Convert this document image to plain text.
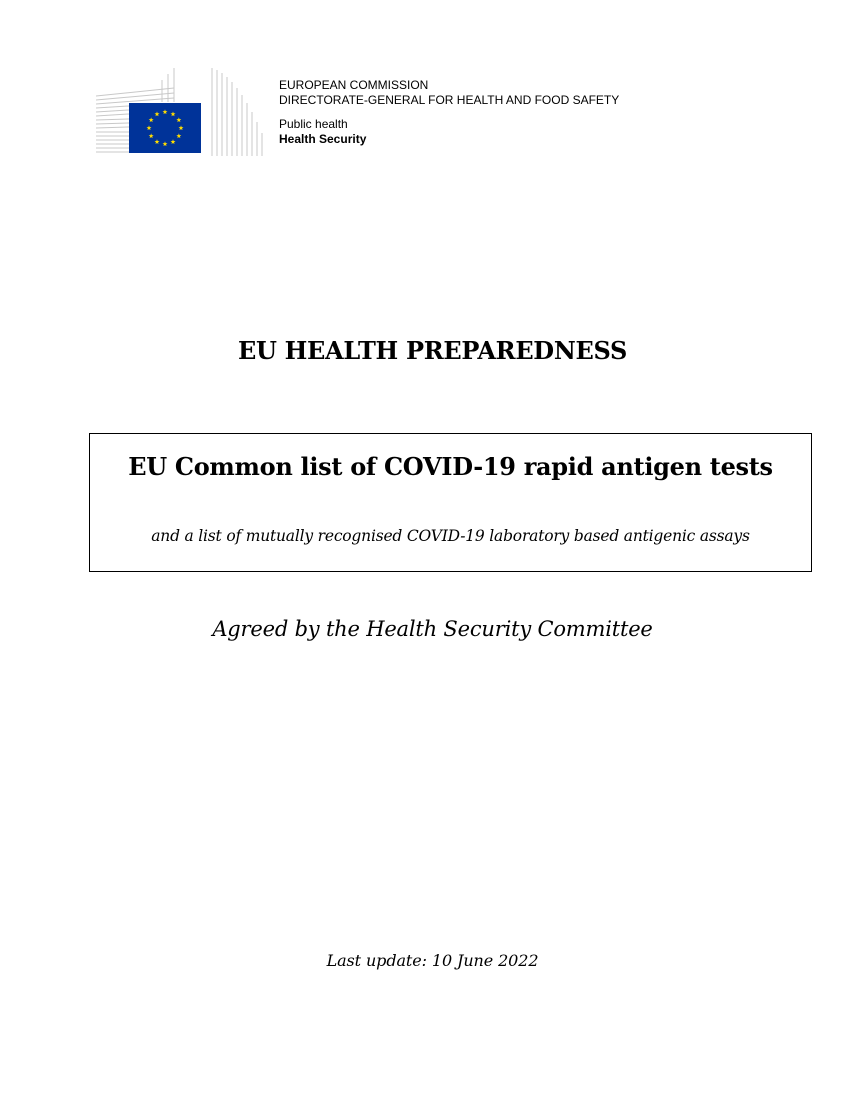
EUROPEAN COMMISSION
DIRECTORATE-GENERAL FOR HEALTH AND FOOD SAFETY
Public health
Health Security
EU HEALTH PREPAREDNESS
EU Common list of COVID-19 rapid antigen tests
and a list of mutually recognised COVID-19 laboratory based antigenic assays
Agreed by the Health Security Committee
Last update: 10 June 2022
